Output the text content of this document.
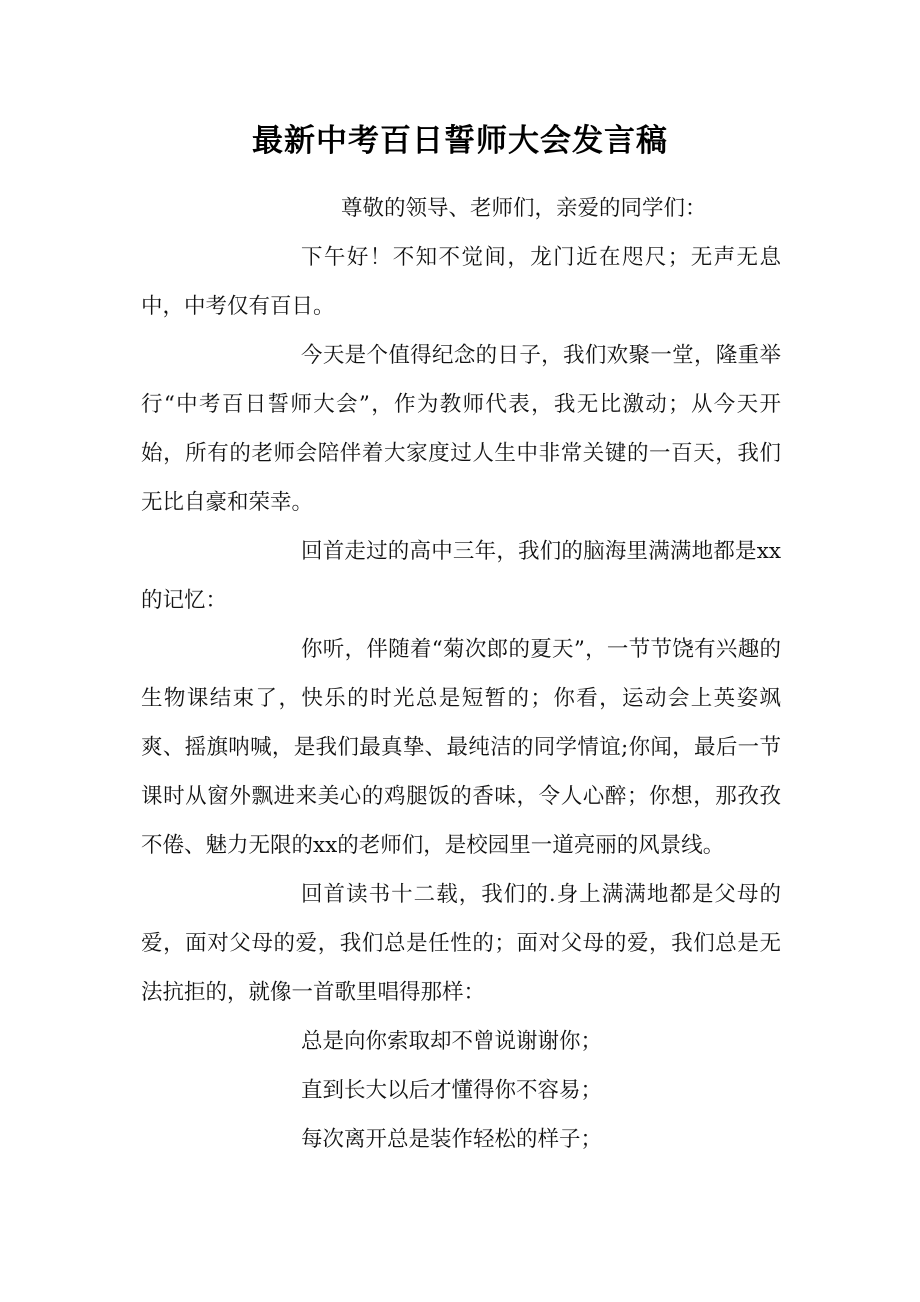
最新中考百日誓师大会发言稿

尊敬的领导、老师们，亲爱的同学们：

下午好！不知不觉间，龙门近在咫尺；无声无息中，中考仅有百日。

今天是个值得纪念的日子，我们欢聚一堂，隆重举行“中考百日誓师大会”，作为教师代表，我无比激动；从今天开始，所有的老师会陪伴着大家度过人生中非常关键的一百天，我们无比自豪和荣幸。

回首走过的高中三年，我们的脑海里满满地都是xx的记忆：

你听，伴随着“菊次郎的夏天”，一节节饶有兴趣的生物课结束了，快乐的时光总是短暂的；你看，运动会上英姿飒爽、摇旗呐喊，是我们最真挚、最纯洁的同学情谊;你闻，最后一节课时从窗外飘进来美心的鸡腿饭的香味，令人心醉；你想，那孜孜不倦、魅力无限的xx的老师们，是校园里一道亮丽的风景线。

回首读书十二载，我们的.身上满满地都是父母的爱，面对父母的爱，我们总是任性的；面对父母的爱，我们总是无法抗拒的，就像一首歌里唱得那样：

总是向你索取却不曾说谢谢你；

直到长大以后才懂得你不容易；

每次离开总是装作轻松的样子；
